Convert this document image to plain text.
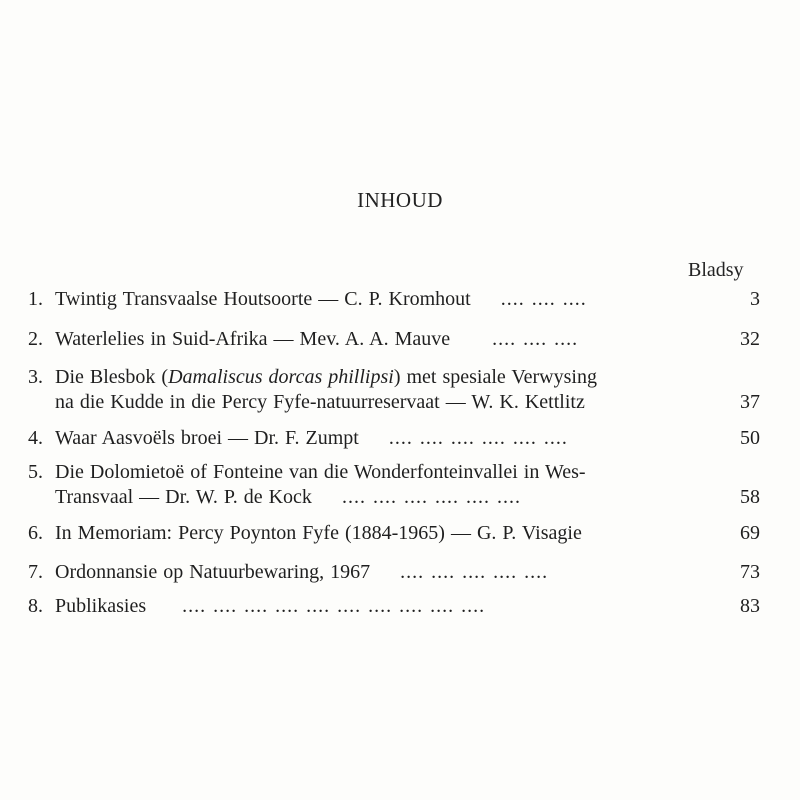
INHOUD
Bladsy
1. Twintig Transvaalse Houtsoorte — C. P. Kromhout .... .... ....	3
2. Waterlelies in Suid-Afrika — Mev. A. A. Mauve .... .... ....	32
3. Die Blesbok (Damaliscus dorcas phillipsi) met spesiale Verwysing
na die Kudde in die Percy Fyfe-natuurreservaat — W. K. Kettlitz	37
4. Waar Aasvoëls broei — Dr. F. Zumpt .... .... .... .... .... ....	50
5. Die Dolomietoë of Fonteine van die Wonderfonteinvallei in Wes-
Transvaal — Dr. W. P. de Kock .... .... .... .... .... ....	58
6. In Memoriam: Percy Poynton Fyfe (1884-1965) — G. P. Visagie	69
7. Ordonnansie op Natuurbewaring, 1967 .... .... .... .... ....	73
8. Publikasies .... .... .... .... .... .... .... .... .... ....	83
